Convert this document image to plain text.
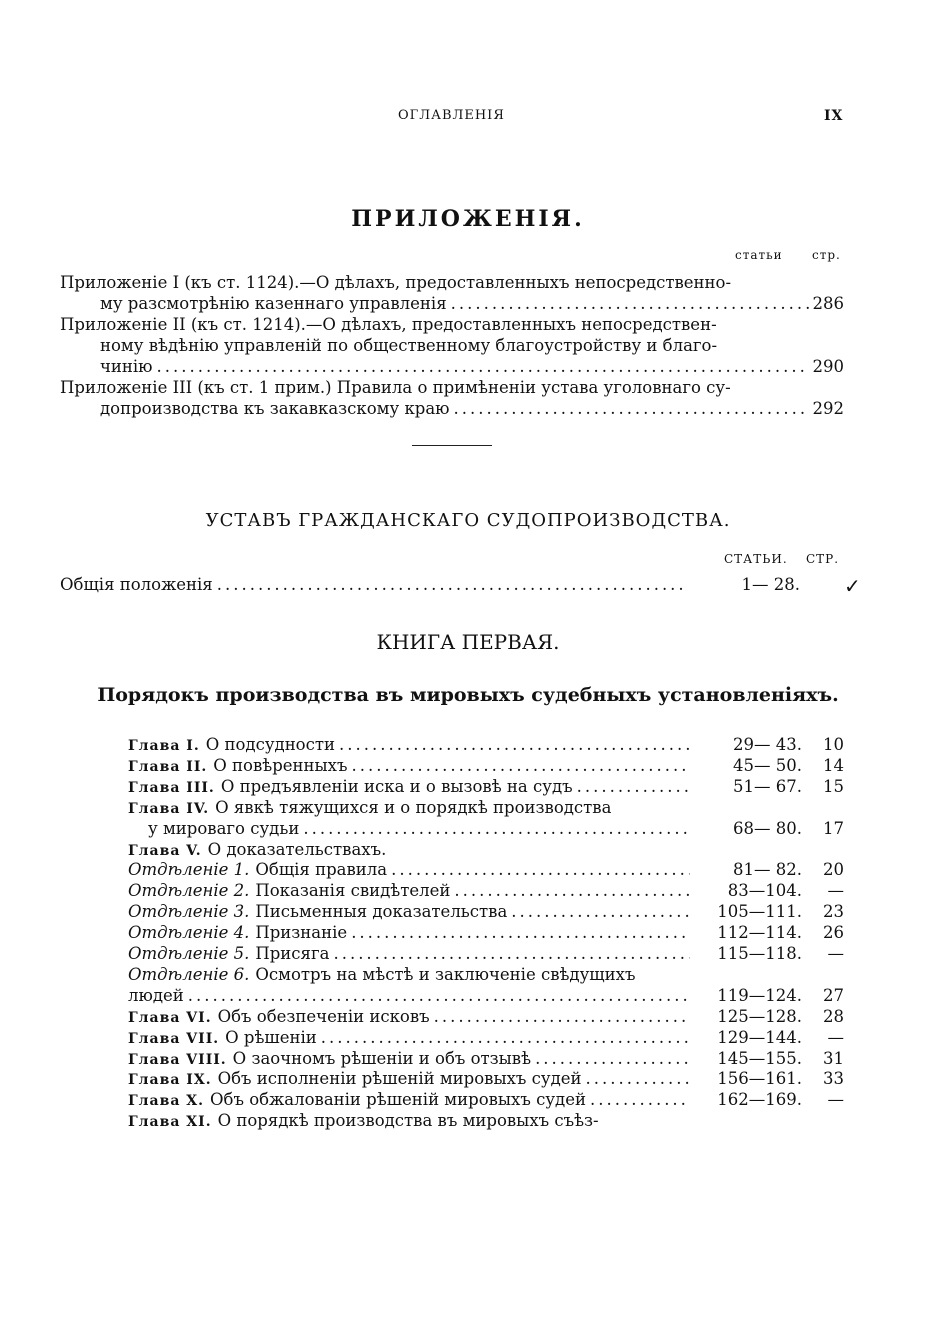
ОГЛАВЛЕНІЯ	IX
ПРИЛОЖЕНІЯ.
статьи стр.
Приложеніе I (къ ст. 1124).—О дѣлахъ, предоставленныхъ непосредственно-
му разсмотрѣнію казеннаго управленія .....	286
Приложеніе II (къ ст. 1214).—О дѣлахъ, предоставленныхъ непосредствен-
ному вѣдѣнію управленій по общественному благоустройству и благо-
чинію .....	290
Приложеніе III (къ ст. 1 прим.) Правила о примѣненіи устава уголовнаго су-
допроизводства къ закавказскому краю .....	292
УСТАВЪ ГРАЖДАНСКАГО СУДОПРОИЗВОДСТВА.
СТАТЬИ. СТР.
Общія положенія .....	1— 28. ✓
КНИГА ПЕРВАЯ.
Порядокъ производства въ мировыхъ судебныхъ установленіяхъ.
Глава I. О подсудности .....	29— 43.	10
Глава II. О повѣренныхъ .....	45— 50.	14
Глава III. О предъявленіи иска и о вызовѣ на судъ .....	51— 67.	15
Глава IV. О явкѣ тяжущихся и о порядкѣ производства
у мироваго судьи .....	68— 80.	17
Глава V. О доказательствахъ.
Отдѣленіе 1. Общія правила .....	81— 82.	20
Отдѣленіе 2. Показанія свидѣтелей .....	83—104.	—
Отдѣленіе 3. Письменныя доказательства .....	105—111.	23
Отдѣленіе 4. Признаніе .....	112—114.	26
Отдѣленіе 5. Присяга .....	115—118.	—
Отдѣленіе 6. Осмотръ на мѣстѣ и заключеніе свѣдущихъ
людей .....	119—124.	27
Глава VI. Объ обезпеченіи исковъ .....	125—128.	28
Глава VII. О рѣшеніи .....	129—144.	—
Глава VIII. О заочномъ рѣшеніи и объ отзывѣ .....	145—155.	31
Глава IX. Объ исполненіи рѣшеній мировыхъ судей .....	156—161.	33
Глава X. Объ обжалованіи рѣшеній мировыхъ судей .....	162—169.	—
Глава XI. О порядкѣ производства въ мировыхъ съѣз-
